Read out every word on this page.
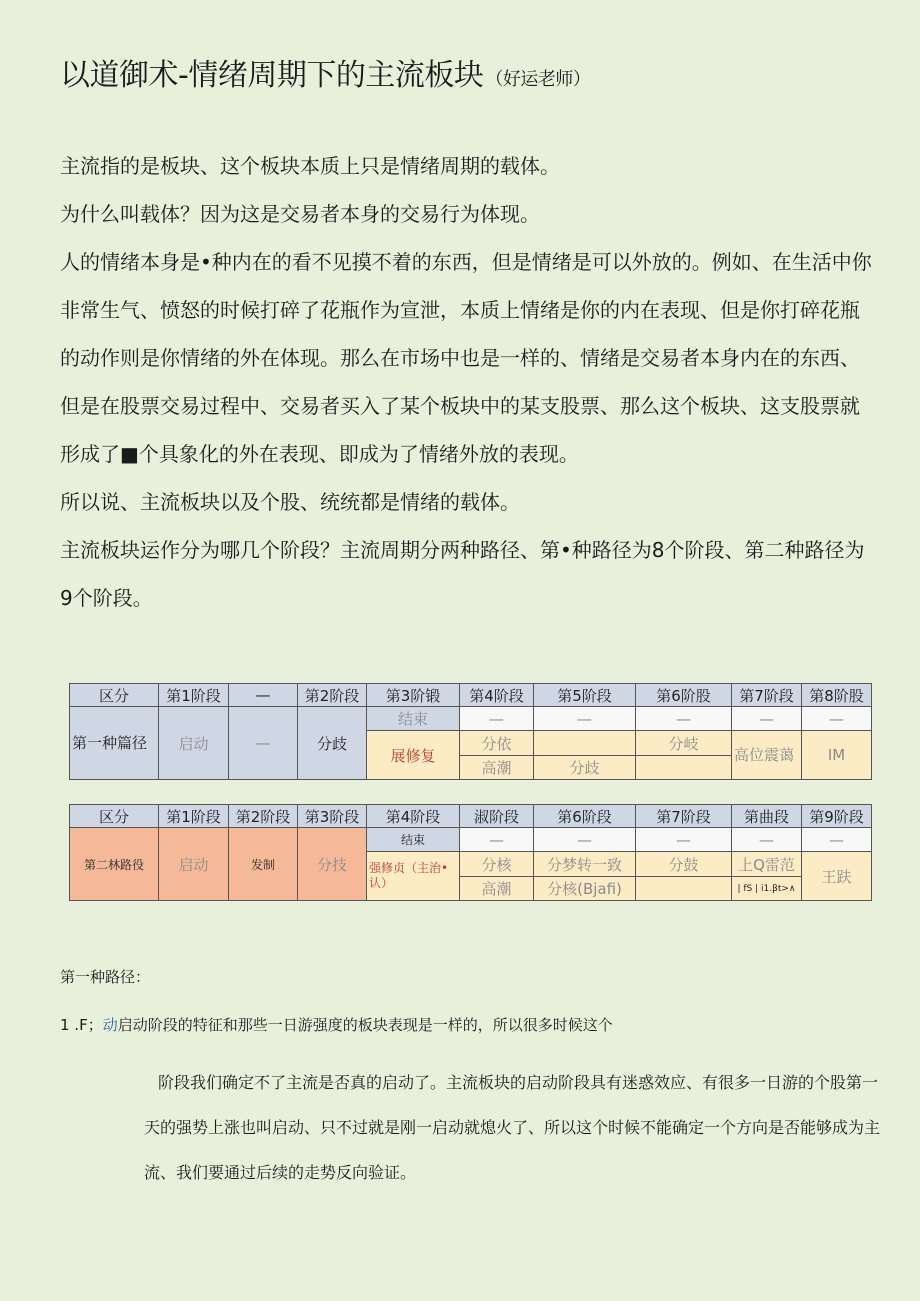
以道御术-情绪周期下的主流板块 （好运老师）

主流指的是板块、这个板块本质上只是情绪周期的载体。

为什么叫载体？因为这是交易者本身的交易行为体现。

人的情绪本身是•种内在的看不见摸不着的东西，但是情绪是可以外放的。例如、在生活中你非常生气、愤怒的时候打碎了花瓶作为宣泄，本质上情绪是你的内在表现、但是你打碎花瓶的动作则是你情绪的外在体现。那么在市场中也是一样的、情绪是交易者本身内在的东西、但是在股票交易过程中、交易者买入了某个板块中的某支股票、那么这个板块、这支股票就形成了■个具象化的外在表现、即成为了情绪外放的表现。

所以说、主流板块以及个股、统统都是情绪的载体。

主流板块运作分为哪几个阶段？主流周期分两种路径、第•种路径为8个阶段、第二种路径为9个阶段。

区分	第1阶段	—	第2阶段	第3阶锻	第4阶段	第5阶段	第6阶股	第7阶段	第8阶股
第一种篇径	启动	—	分歧	结束	—	—	—	—	—
				展修复	分依		分岐	高位震蔼	IM
					高潮	分歧			
区分	第1阶段	第2阶段	第3阶段	第4阶段	淑阶段	第6阶段	第7阶段	第曲段	第9阶段
第二林路役	启动	发制	分技	结束	—	—	—	—	—
				强修贞（主治•认）	分核	分梦转一致	分鼓	上Q雷范	王趺
					高潮	分核(Bjafi)		| fS | i1.βt>∧	
第一种路径：
1 .F；动启动阶段的特征和那些一日游强度的板块表现是一样的，所以很多时候这个

阶段我们确定不了主流是否真的启动了。主流板块的启动阶段具有迷惑效应、有很多一日游的个股第一天的强势上涨也叫启动、只不过就是刚一启动就熄火了、所以这个时候不能确定一个方向是否能够成为主流、我们要通过后续的走势反向验证。
